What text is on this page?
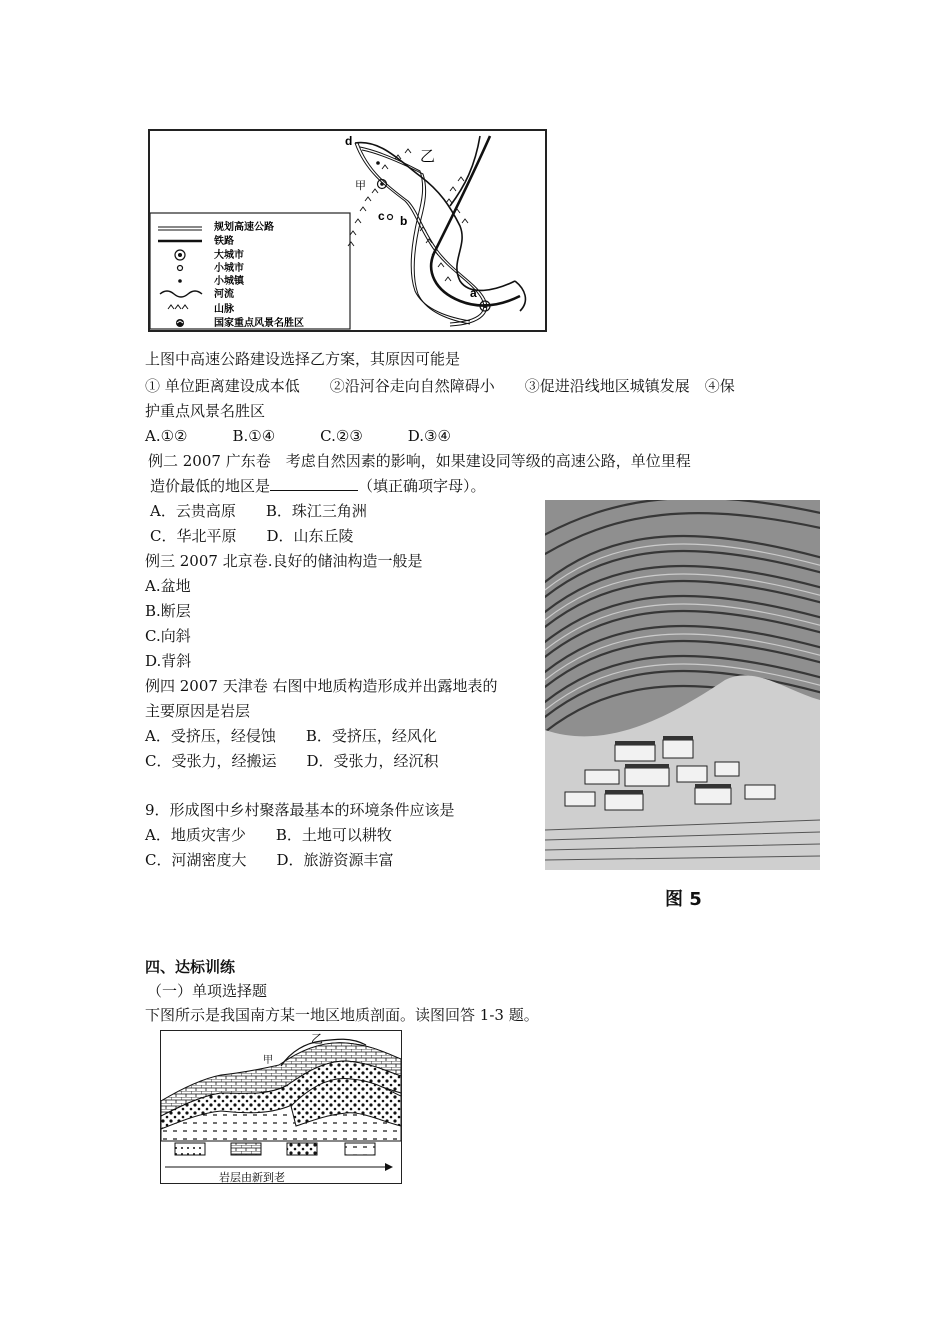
规划高速公路
铁路
大城市
小城市
小城镇
河流
山脉
国家重点风景名胜区
d
乙
甲
c b
a
上图中高速公路建设选择乙方案，其原因可能是
① 单位距离建设成本低　　②沿河谷走向自然障碍小　　③促进沿线地区城镇发展　④保
护重点风景名胜区
A.①②　　　B.①④　　　C.②③　　　D.③④
例二 2007 广东卷　考虑自然因素的影响，如果建设同等级的高速公路，单位里程
造价最低的地区是	（填正确项字母）。
A．云贵高原　　B．珠江三角洲
C．华北平原　　D．山东丘陵
例三 2007 北京卷.良好的储油构造一般是
A.盆地
B.断层
C.向斜
D.背斜
例四 2007 天津卷 右图中地质构造形成并出露地表的
主要原因是岩层
A．受挤压，经侵蚀　　B．受挤压，经风化
C．受张力，经搬运　　D．受张力，经沉积
9．形成图中乡村聚落最基本的环境条件应该是
A．地质灾害少　　B．土地可以耕牧
C．河湖密度大　　D．旅游资源丰富
图 5
四、达标训练
（一）单项选择题
下图所示是我国南方某一地区地质剖面。读图回答 1-3 题。
乙
甲
岩层由新到老
